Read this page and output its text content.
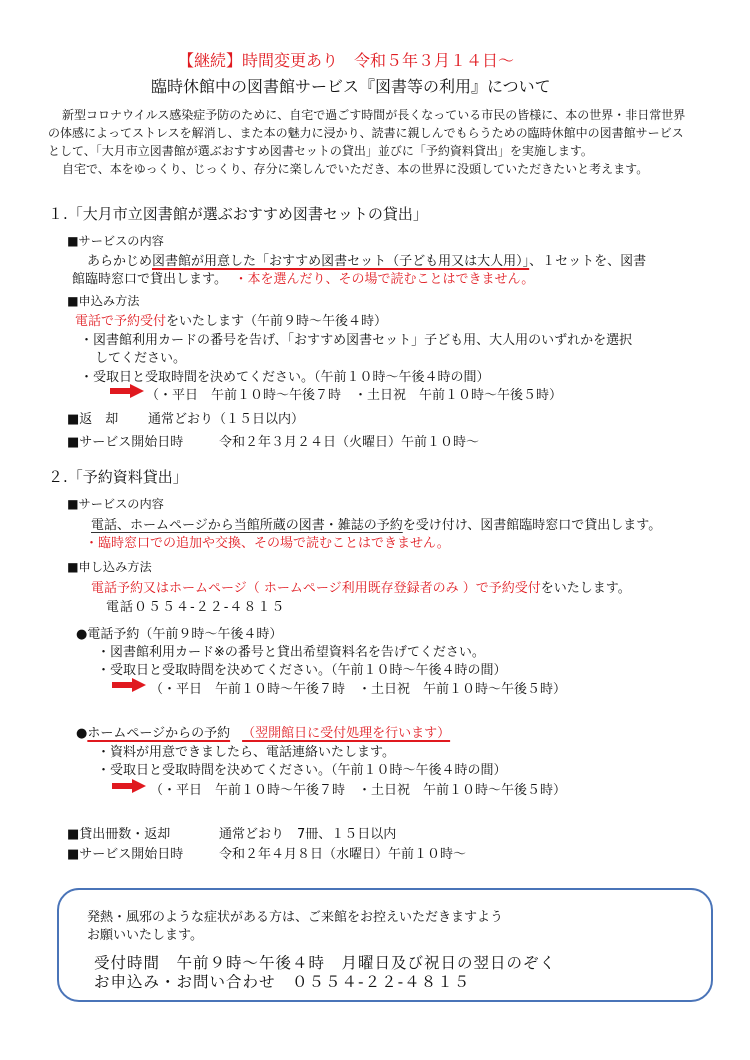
【継続】時間変更あり　令和５年３月１４日～
臨時休館中の図書館サービス『図書等の利用』について
新型コロナウイルス感染症予防のために、自宅で過ごす時間が長くなっている市民の皆様に、本の世界・非日常世界
の体感によってストレスを解消し、また本の魅力に浸かり、読書に親しんでもらうための臨時休館中の図書館サービス
として、「大月市立図書館が選ぶおすすめ図書セットの貸出」並びに「予約資料貸出」を実施します。
自宅で、本をゆっくり、じっくり、存分に楽しんでいただき、本の世界に没頭していただきたいと考えます。
１.「大月市立図書館が選ぶおすすめ図書セットの貸出」
■サービスの内容
あらかじめ図書館が用意した「おすすめ図書セット（子ども用又は大人用）」、１セットを、図書
館臨時窓口で貸出します。 ・本を選んだり、その場で読むことはできません。
■申込み方法
電話で予約受付をいたします（午前９時～午後４時）
・図書館利用カードの番号を告げ、「おすすめ図書セット」子ども用、大人用のいずれかを選択
してください。
・受取日と受取時間を決めてください。（午前１０時～午後４時の間）
（・平日　午前１０時～午後７時　・土日祝　午前１０時～午後５時）
■返　却 通常どおり（１５日以内）
■サービス開始日時	令和２年３月２４日（火曜日）午前１０時～
２.「予約資料貸出」
■サービスの内容
電話、ホームページから当館所蔵の図書・雑誌の予約を受け付け、図書館臨時窓口で貸出します。
・臨時窓口での追加や交換、その場で読むことはできません。
■申し込み方法
電話予約又はホームページ（ ホームページ利用既存登録者のみ ）で予約受付をいたします。
電話０５５４-２２-４８１５
●電話予約（午前９時～午後４時）
・図書館利用カード※の番号と貸出希望資料名を告げてください。
・受取日と受取時間を決めてください。（午前１０時～午後４時の間）
（・平日　午前１０時～午後７時　・土日祝　午前１０時～午後５時）
●ホームページからの予約 （翌開館日に受付処理を行います）
・資料が用意できましたら、電話連絡いたします。
・受取日と受取時間を決めてください。（午前１０時～午後４時の間）
（・平日　午前１０時～午後７時　・土日祝　午前１０時～午後５時）
■貸出冊数・返却	通常どおり　7冊、１５日以内
■サービス開始日時	令和２年４月８日（水曜日）午前１０時～
発熱・風邪のような症状がある方は、ご来館をお控えいただきますよう
お願いいたします。
受付時間　午前９時～午後４時　月曜日及び祝日の翌日のぞく
お申込み・お問い合わせ　０５５４-２２-４８１５
